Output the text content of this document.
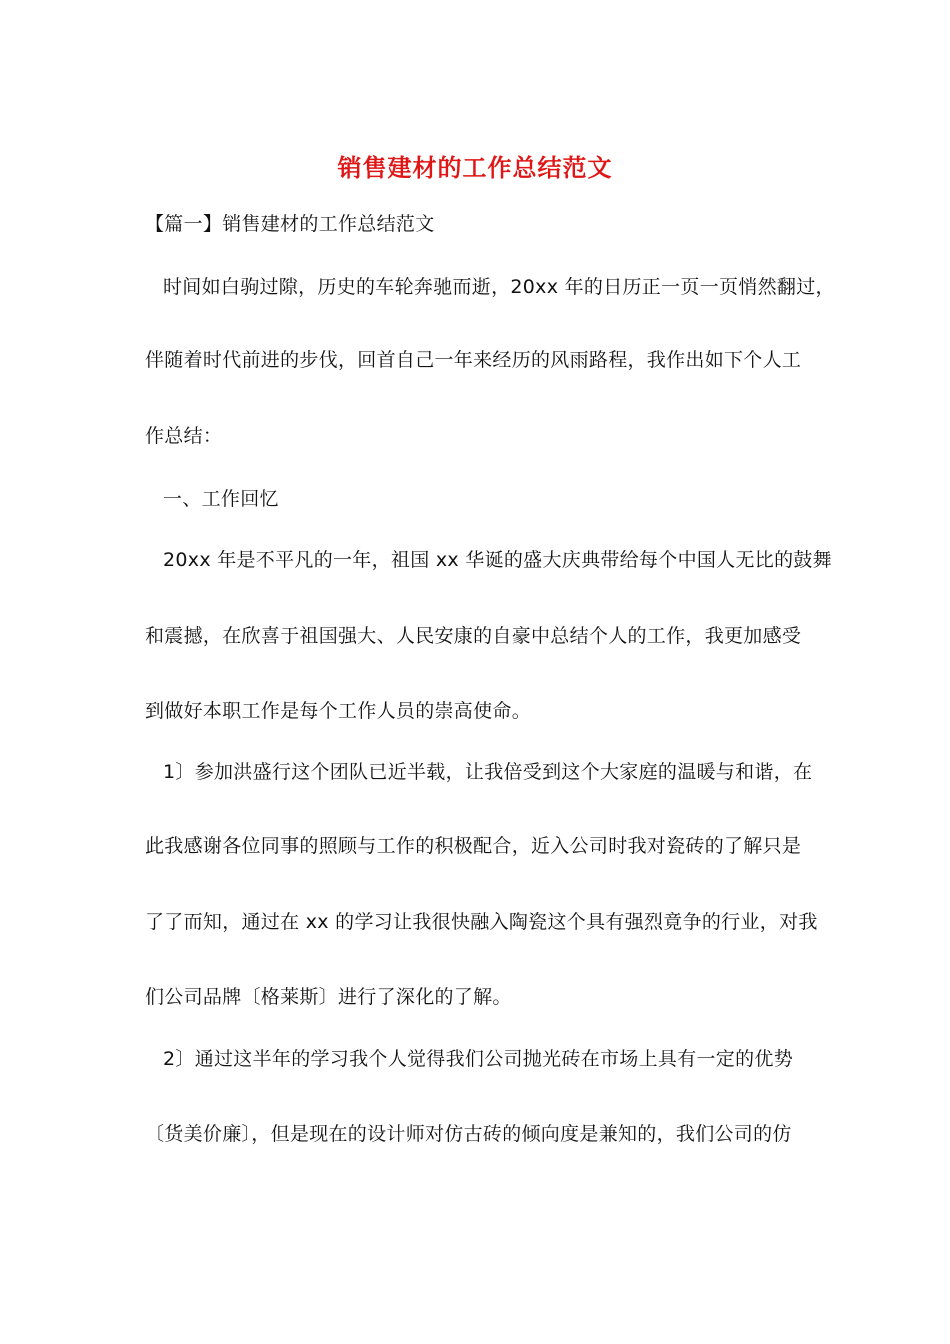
销售建材的工作总结范文
【篇一】销售建材的工作总结范文
时间如白驹过隙，历史的车轮奔驰而逝，20xx 年的日历正一页一页悄然翻过，
伴随着时代前进的步伐，回首自己一年来经历的风雨路程，我作出如下个人工
作总结：
一、工作回忆
20xx 年是不平凡的一年，祖国 xx 华诞的盛大庆典带给每个中国人无比的鼓舞
和震撼，在欣喜于祖国强大、人民安康的自豪中总结个人的工作，我更加感受
到做好本职工作是每个工作人员的崇高使命。
1〕参加洪盛行这个团队已近半载，让我倍受到这个大家庭的温暖与和谐，在
此我感谢各位同事的照顾与工作的积极配合，近入公司时我对瓷砖的了解只是
了了而知，通过在 xx 的学习让我很快融入陶瓷这个具有强烈竟争的行业，对我
们公司品牌〔格莱斯〕进行了深化的了解。
2〕通过这半年的学习我个人觉得我们公司抛光砖在市场上具有一定的优势
〔货美价廉〕，但是现在的设计师对仿古砖的倾向度是兼知的，我们公司的仿
